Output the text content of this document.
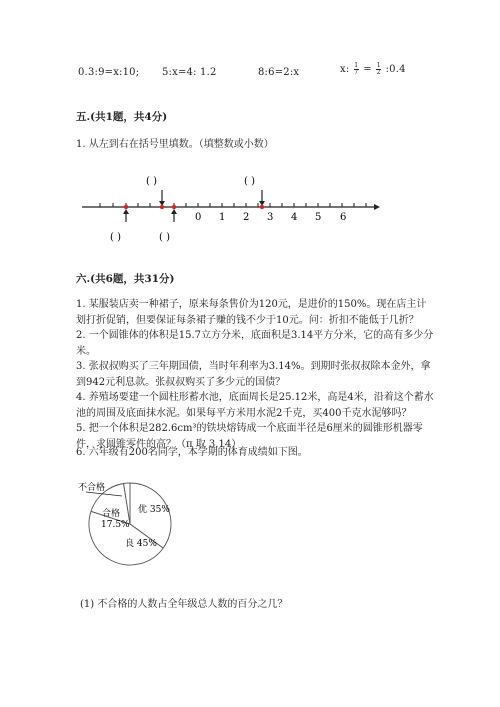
0.3:9=x:10; 5:x=4: 1.2	8:6=2:x	x: $\frac{1}{7} = \frac{1}{2}$ :0.4
五.(共1题，共4分)
1. 从左到右在括号里填数。（填整数或小数）
( )	( )
0 1 2 3 4 5 6
( )	( )
六.(共6题，共31分)
1. 某服装店卖一种裙子，原来每条售价为120元，是进价的150%。现在店主计划打折促销，但要保证每条裙子赚的钱不少于10元。问：折扣不能低于几折？
2. 一个圆锥体的体积是15.7立方分米，底面积是3.14平方分米，它的高有多少分米。
3. 张叔叔购买了三年期国债，当时年利率为3.14%。到期时张叔叔除本金外，拿到942元利息款。张叔叔购买了多少元的国债？
4. 养殖场要建一个圆柱形蓄水池，底面周长是25.12米，高是4米，沿着这个蓄水池的周围及底面抹水泥。如果每平方米用水泥2千克，买400千克水泥够吗？
5. 把一个体积是282.6cm³的铁块熔铸成一个底面半径是6厘米的圆锥形机器零件，求圆锥零件的高？（π 取 3.14）
6. 六年级有200名同学，本学期的体育成绩如下图。
不合格
合格
17.5%
优 35%
良 45%
(1) 不合格的人数占全年级总人数的百分之几？
